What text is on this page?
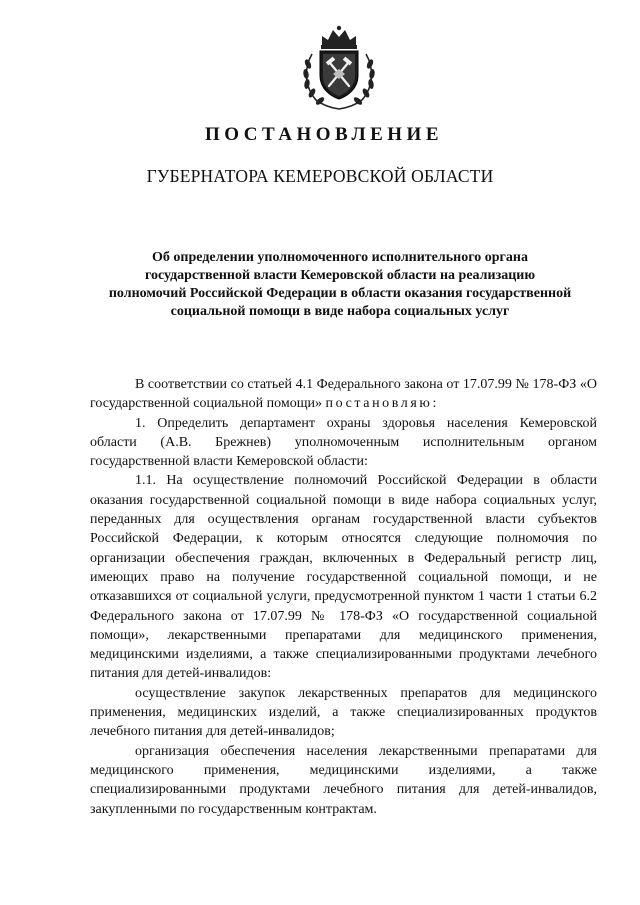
ПОСТАНОВЛЕНИЕ
ГУБЕРНАТОРА КЕМЕРОВСКОЙ ОБЛАСТИ
Об определении уполномоченного исполнительного органа
государственной власти Кемеровской области на реализацию
полномочий Российской Федерации в области оказания государственной
социальной помощи в виде набора социальных услуг

В соответствии со статьей 4.1 Федерального закона от 17.07.99 № 178-ФЗ «О государственной социальной помощи» постановляю:

1. Определить департамент охраны здоровья населения Кемеровской области (А.В. Брежнев) уполномоченным исполнительным органом государственной власти Кемеровской области:

1.1. На осуществление полномочий Российской Федерации в области оказания государственной социальной помощи в виде набора социальных услуг, переданных для осуществления органам государственной власти субъектов Российской Федерации, к которым относятся следующие полномочия по организации обеспечения граждан, включенных в Федеральный регистр лиц, имеющих право на получение государственной социальной помощи, и не отказавшихся от социальной услуги, предусмотренной пунктом 1 части 1 статьи 6.2 Федерального закона от 17.07.99 № 178-ФЗ «О государственной социальной помощи», лекарственными препаратами для медицинского применения, медицинскими изделиями, а также специализированными продуктами лечебного питания для детей-инвалидов:

осуществление закупок лекарственных препаратов для медицинского применения, медицинских изделий, а также специализированных продуктов лечебного питания для детей-инвалидов;

организация обеспечения населения лекарственными препаратами для медицинского применения, медицинскими изделиями, а также специализированными продуктами лечебного питания для детей-инвалидов, закупленными по государственным контрактам.
